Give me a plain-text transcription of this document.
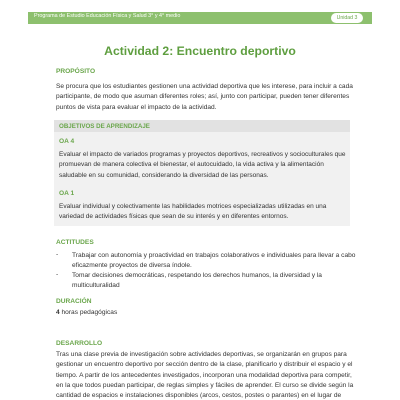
Programa de Estudio Educación Física y Salud 3° y 4° medio	Unidad 3
Actividad 2: Encuentro deportivo
PROPÓSITO
Se procura que los estudiantes gestionen una actividad deportiva que les interese, para incluir a cada
participante, de modo que asuman diferentes roles; así, junto con participar, pueden tener diferentes
puntos de vista para evaluar el impacto de la actividad.
OBJETIVOS DE APRENDIZAJE
OA 4
Evaluar el impacto de variados programas y proyectos deportivos, recreativos y socioculturales que
promuevan de manera colectiva el bienestar, el autocuidado, la vida activa y la alimentación
saludable en su comunidad, considerando la diversidad de las personas.
OA 1
Evaluar individual y colectivamente las habilidades motrices especializadas utilizadas en una
variedad de actividades físicas que sean de su interés y en diferentes entornos.
ACTITUDES
- Trabajar con autonomía y proactividad en trabajos colaborativos e individuales para llevar a cabo
eficazmente proyectos de diversa índole.
- Tomar decisiones democráticas, respetando los derechos humanos, la diversidad y la
multiculturalidad
DURACIÓN
4 horas pedagógicas
DESARROLLO
Tras una clase previa de investigación sobre actividades deportivas, se organizarán en grupos para
gestionar un encuentro deportivo por sección dentro de la clase, planificarlo y distribuir el espacio y el
tiempo. A partir de los antecedentes investigados, incorporan una modalidad deportiva para competir,
en la que todos puedan participar, de reglas simples y fáciles de aprender. El curso se divide según la
cantidad de espacios e instalaciones disponibles (arcos, cestos, postes o parantes) en el lugar de
